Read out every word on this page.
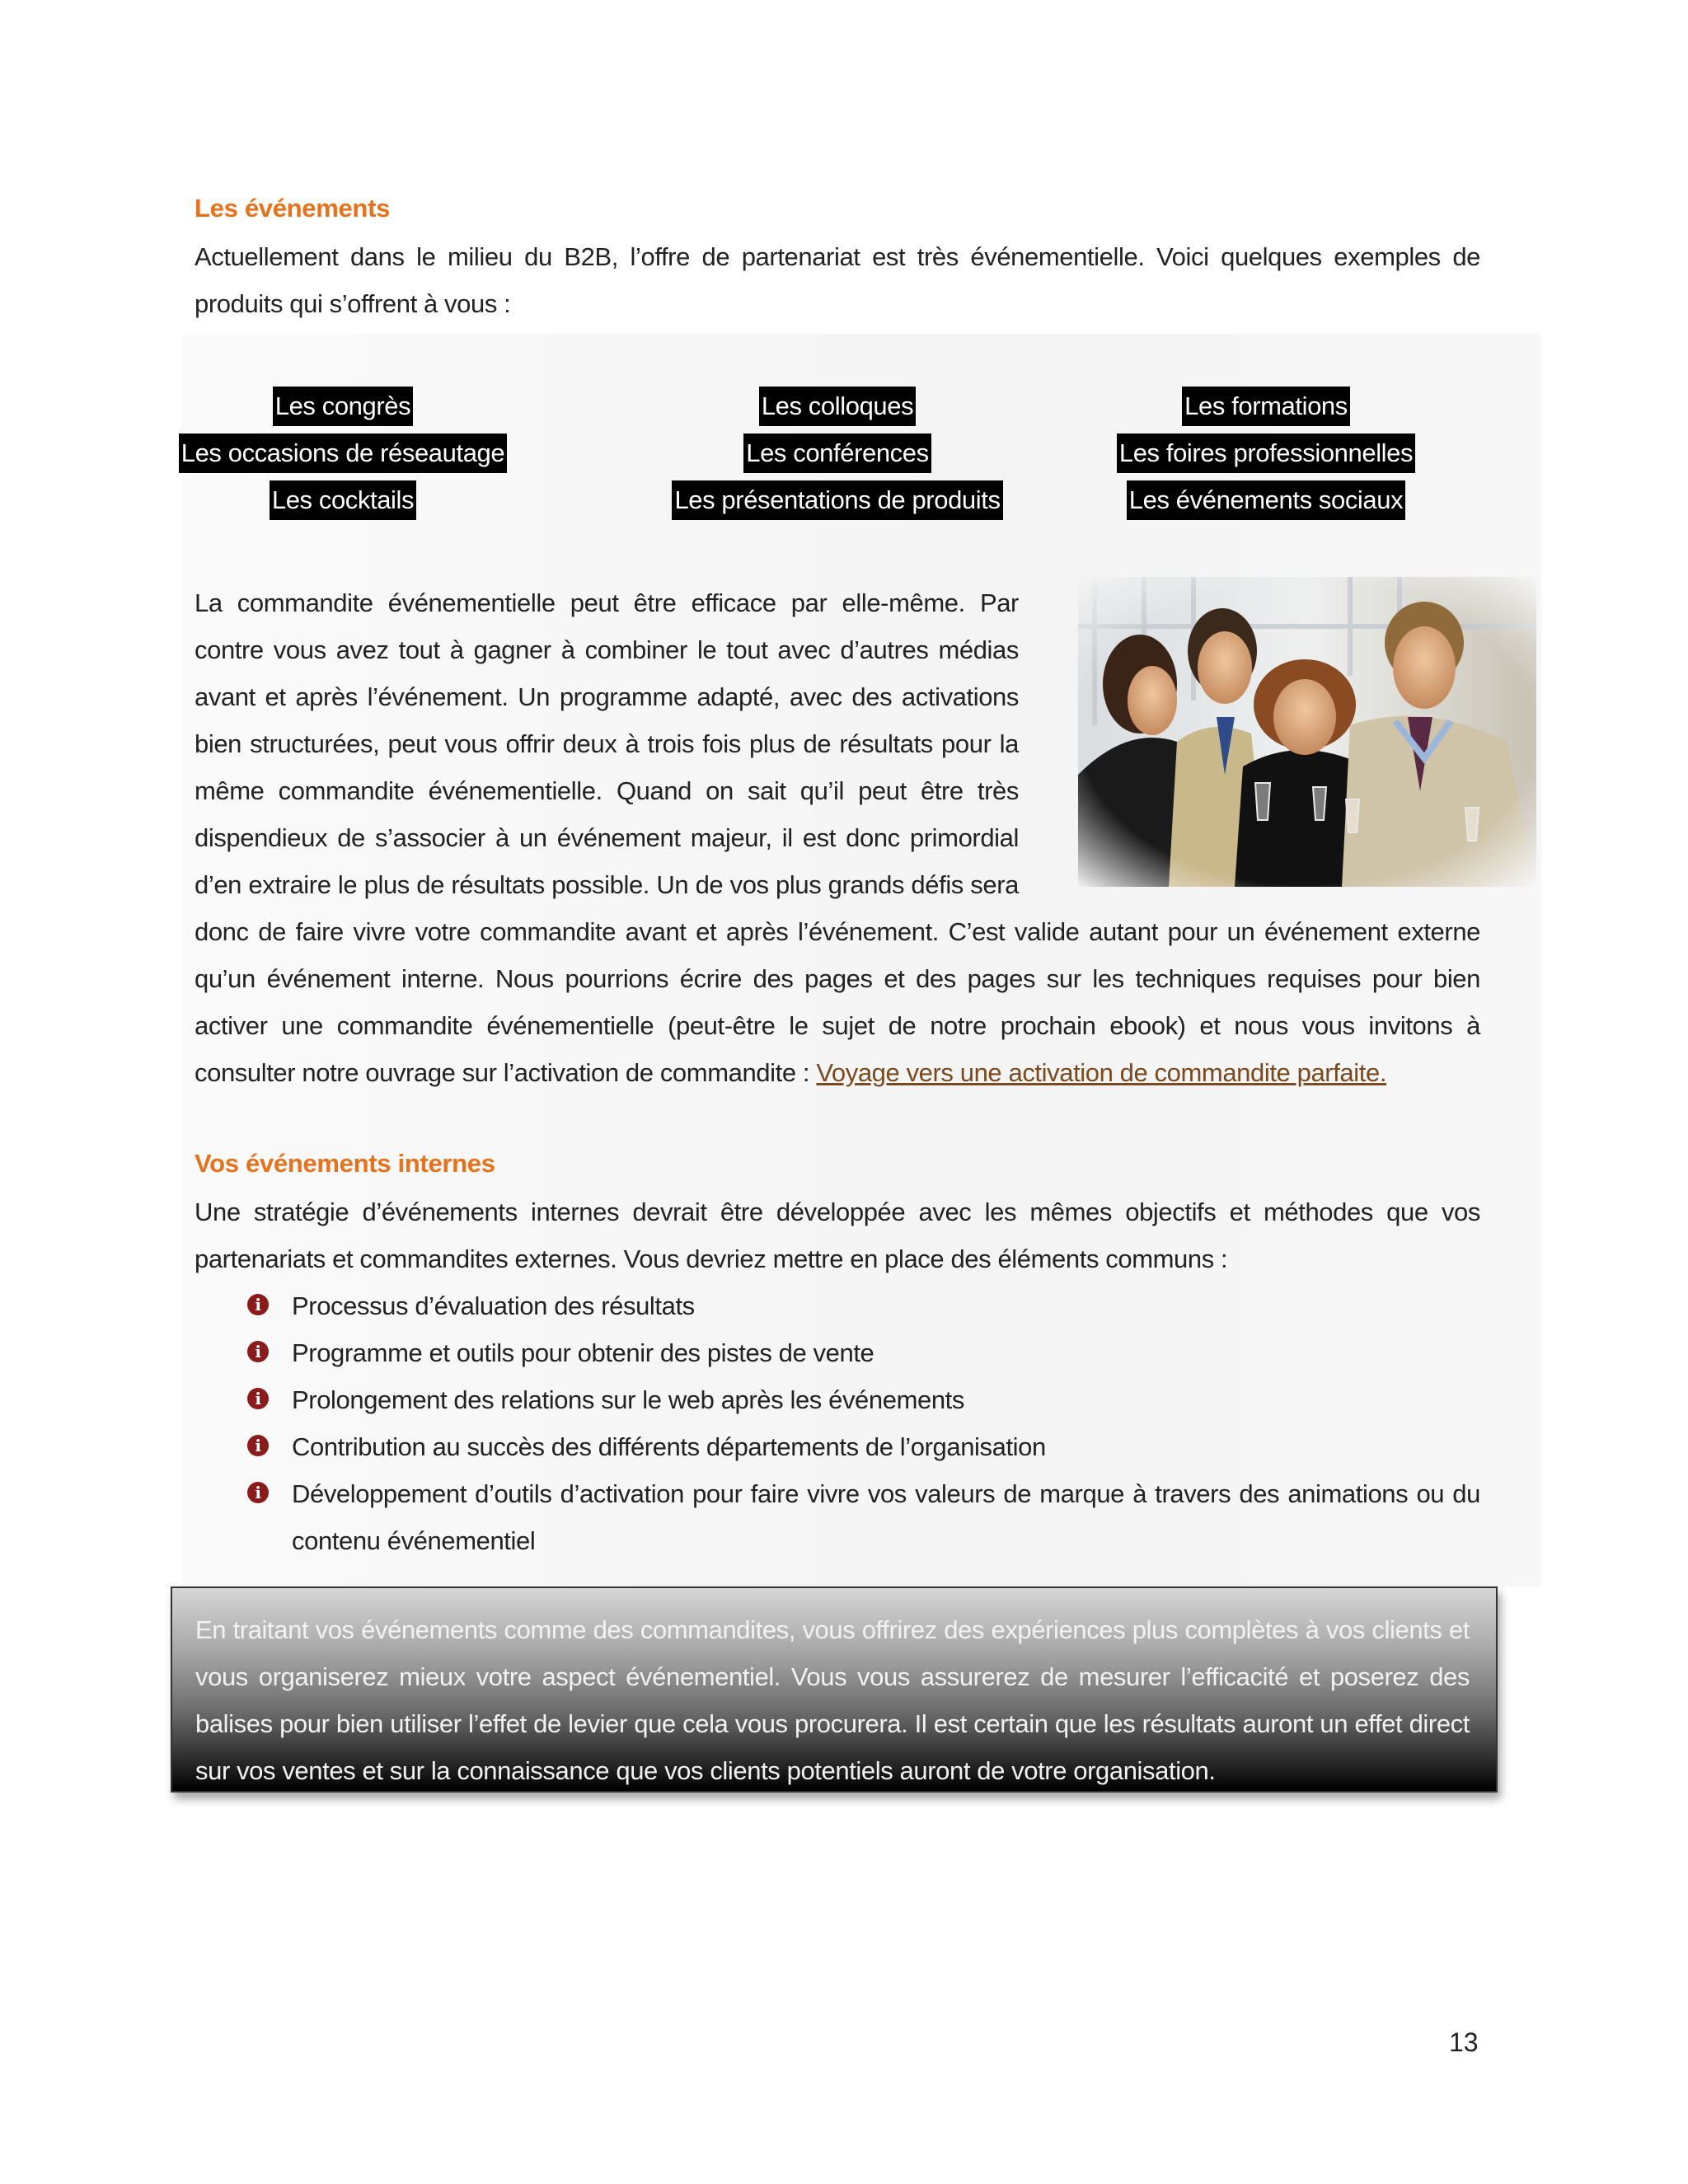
Les événements

Actuellement dans le milieu du B2B, l’offre de partenariat est très événementielle. Voici quelques exemples de produits qui s’offrent à vous :

Les congrès	Les colloques	Les formations
Les occasions de réseautage	Les conférences	Les foires professionnelles
Les cocktails	Les présentations de produits	Les événements sociaux

La commandite événementielle peut être efficace par elle-même. Par contre vous avez tout à gagner à combiner le tout avec d’autres médias avant et après l’événement. Un programme adapté, avec des activations bien structurées, peut vous offrir deux à trois fois plus de résultats pour la même commandite événementielle. Quand on sait qu’il peut être très dispendieux de s’associer à un événement majeur, il est donc primordial d’en extraire le plus de résultats possible. Un de vos plus grands défis sera donc de faire vivre votre commandite avant et après l’événement. C’est valide autant pour un événement externe qu’un événement interne. Nous pourrions écrire des pages et des pages sur les techniques requises pour bien activer une commandite événementielle (peut-être le sujet de notre prochain ebook) et nous vous invitons à consulter notre ouvrage sur l’activation de commandite : Voyage vers une activation de commandite parfaite.

Vos événements internes

Une stratégie d’événements internes devrait être développée avec les mêmes objectifs et méthodes que vos partenariats et commandites externes. Vous devriez mettre en place des éléments communs :

i	Processus d’évaluation des résultats
i	Programme et outils pour obtenir des pistes de vente
i	Prolongement des relations sur le web après les événements
i	Contribution au succès des différents départements de l’organisation
i	Développement d’outils d’activation pour faire vivre vos valeurs de marque à travers des animations ou du contenu événementiel

En traitant vos événements comme des commandites, vous offrirez des expériences plus complètes à vos clients et vous organiserez mieux votre aspect événementiel. Vous vous assurerez de mesurer l’efficacité et poserez des balises pour bien utiliser l’effet de levier que cela vous procurera. Il est certain que les résultats auront un effet direct sur vos ventes et sur la connaissance que vos clients potentiels auront de votre organisation.

13
